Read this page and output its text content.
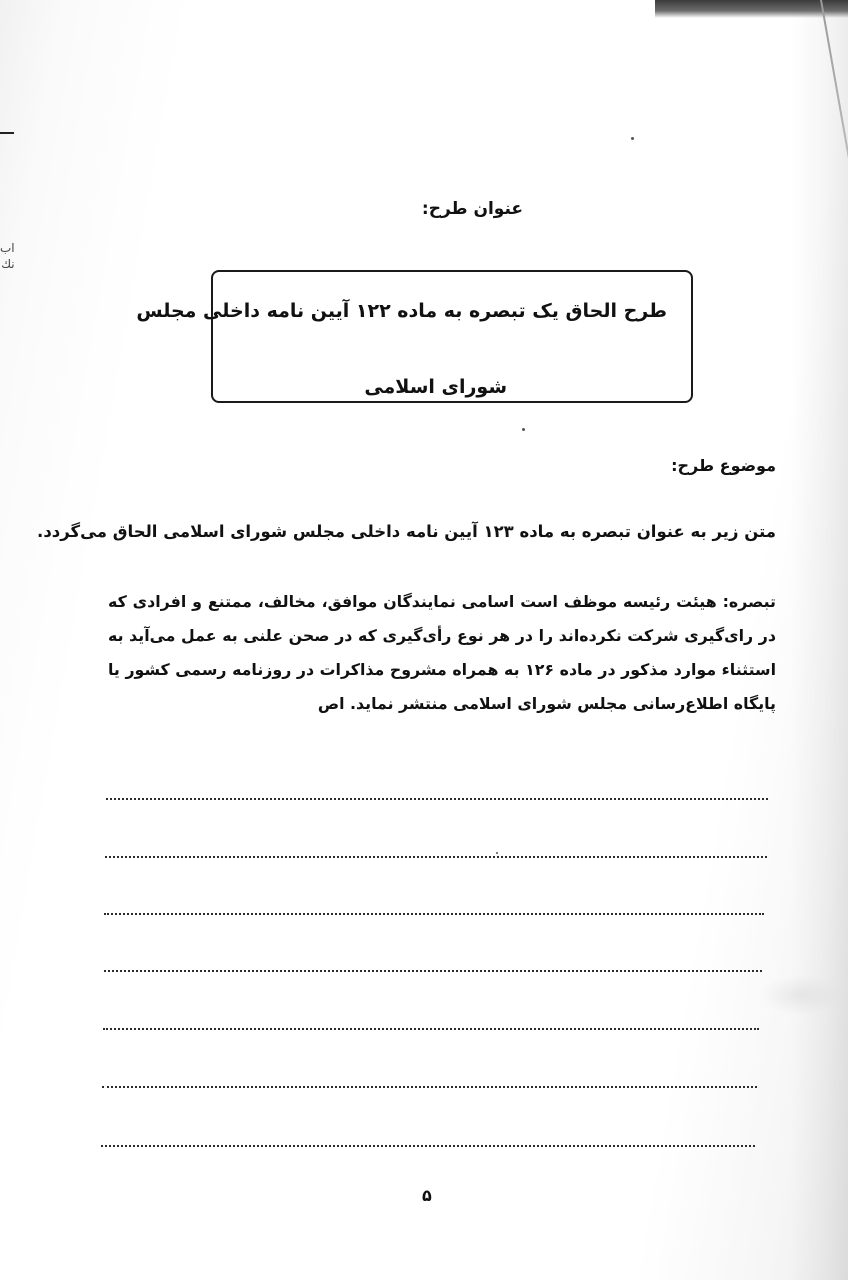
اب
نك
عنوان طرح:
طرح الحاق یک تبصره به ماده ۱۲۲ آیین نامه داخلی مجلس
شورای اسلامی
موضوع طرح:
متن زیر به عنوان تبصره به ماده ۱۲۳ آیین نامه داخلی مجلس شورای اسلامی الحاق می‌گردد.
تبصره: هیئت رئیسه موظف است اسامی نمایندگان موافق، مخالف، ممتنع و افرادی که در رای‌گیری شرکت نکرده‌اند را در هر نوع رأی‌گیری که در صحن علنی به عمل می‌آید به استثناء موارد مذکور در ماده ۱۲۶ به همراه مشروح مذاکرات در روزنامه رسمی کشور یا پایگاه اطلاع‌رسانی مجلس شورای اسلامی منتشر نماید. اص
۵
